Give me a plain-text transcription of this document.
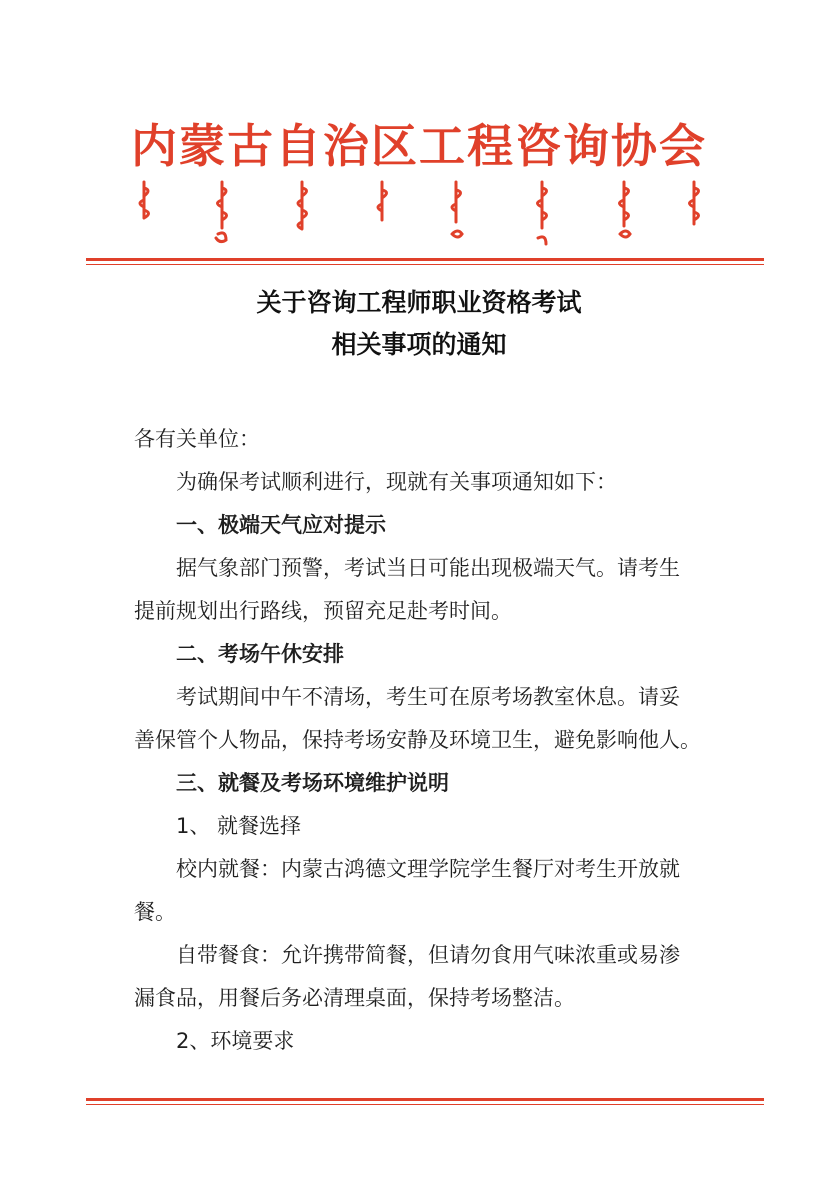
内蒙古自治区工程咨询协会
关于咨询工程师职业资格考试
相关事项的通知

各有关单位：

为确保考试顺利进行，现就有关事项通知如下：

一、极端天气应对提示

据气象部门预警，考试当日可能出现极端天气。请考生

提前规划出行路线，预留充足赴考时间。

二、考场午休安排

考试期间中午不清场，考生可在原考场教室休息。请妥

善保管个人物品，保持考场安静及环境卫生，避免影响他人。

三、就餐及考场环境维护说明

1、 就餐选择

校内就餐：内蒙古鸿德文理学院学生餐厅对考生开放就

餐。

自带餐食：允许携带简餐，但请勿食用气味浓重或易渗

漏食品，用餐后务必清理桌面，保持考场整洁。

2、环境要求
